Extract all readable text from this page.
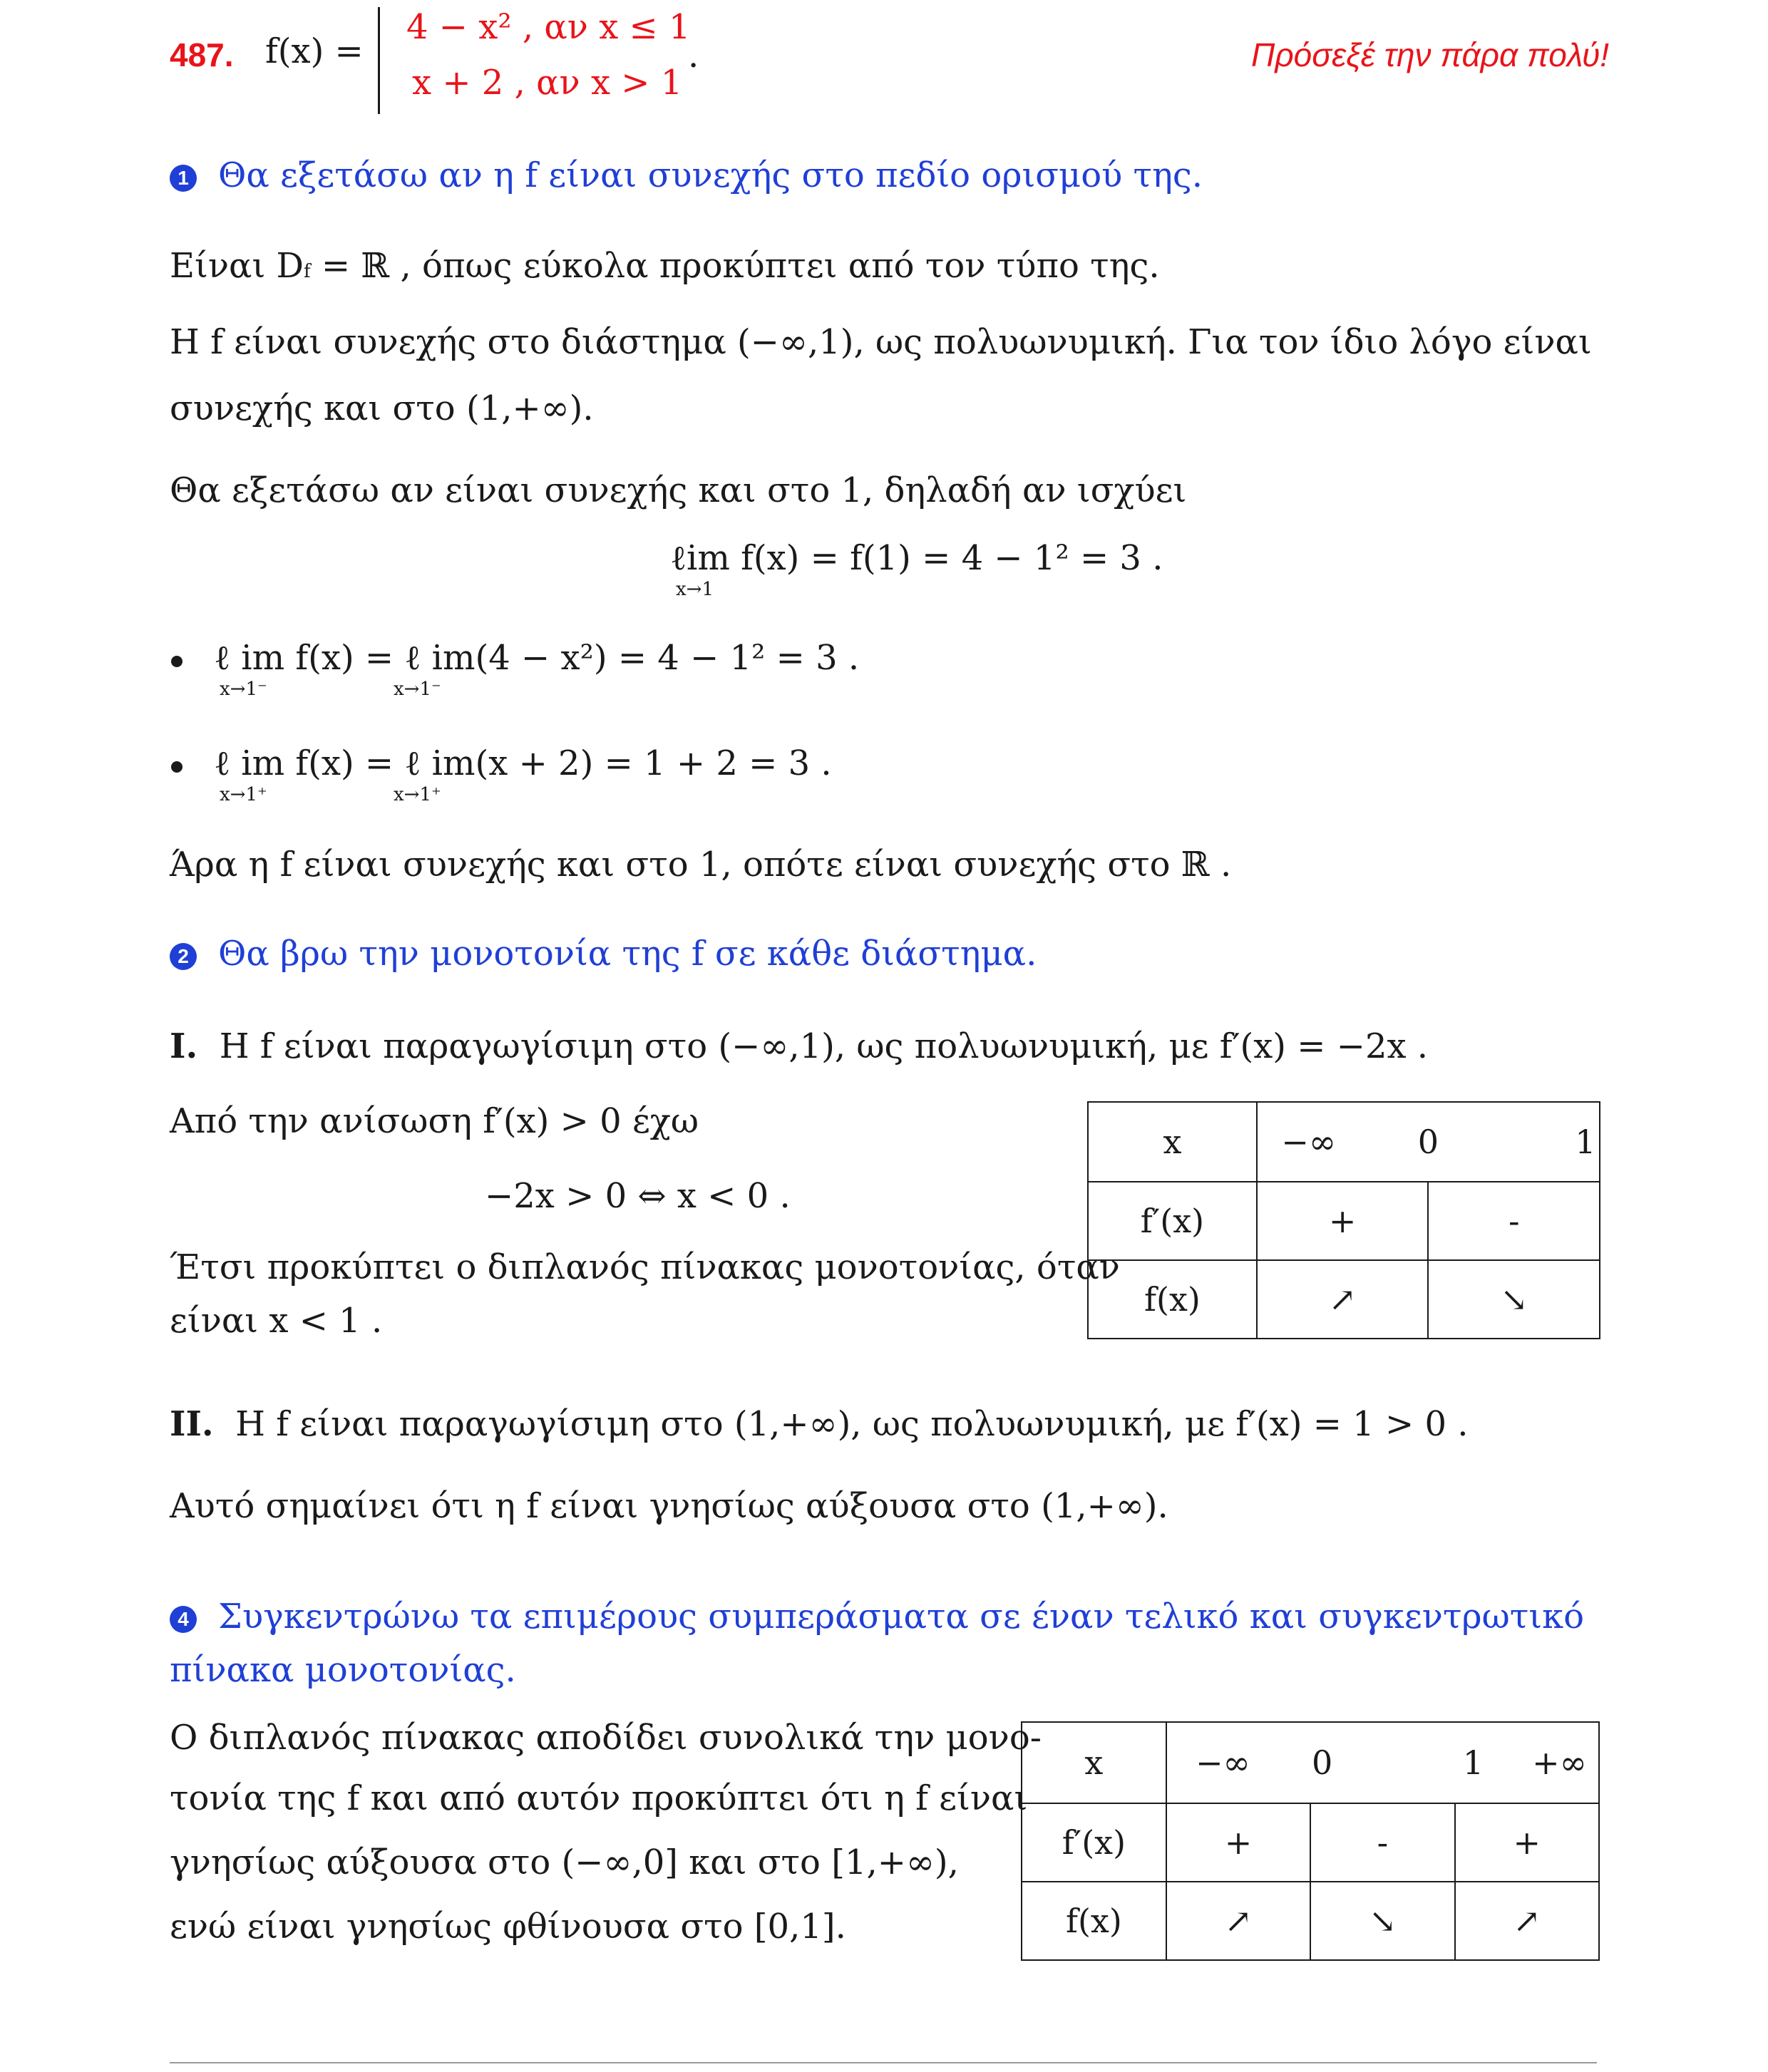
487. f(x) =
4 − x² , αν x ≤ 1
x + 2 , αν x > 1
.	Πρόσεξέ την πάρα πολύ!
1 Θα εξετάσω αν η f είναι συνεχής στο πεδίο ορισμού της.
Είναι Df = ℝ , όπως εύκολα προκύπτει από τον τύπο της.
Η f είναι συνεχής στο διάστημα (−∞,1), ως πολυωνυμική. Για τον ίδιο λόγο είναι
συνεχής και στο (1,+∞).
Θα εξετάσω αν είναι συνεχής και στο 1, δηλαδή αν ισχύει
ℓim f(x) = f(1) = 4 − 1² = 3 .
x→1
ℓ im f(x) = ℓ im(4 − x²) = 4 − 1² = 3 .
x→1⁻	x→1⁻
ℓ im f(x) = ℓ im(x + 2) = 1 + 2 = 3 .
x→1⁺	x→1⁺
Άρα η f είναι συνεχής και στο 1, οπότε είναι συνεχής στο ℝ .
2 Θα βρω την μονοτονία της f σε κάθε διάστημα.
I. Η f είναι παραγωγίσιμη στο (−∞,1), ως πολυωνυμική, με f′(x) = −2x .
Από την ανίσωση f′(x) > 0 έχω
−2x > 0 ⇔ x < 0 .
Έτσι προκύπτει ο διπλανός πίνακας μονοτονίας, όταν
είναι x < 1 .
x	−∞ 0 1	

f′(x)	+	-
f(x)	↗	↘
II. Η f είναι παραγωγίσιμη στο (1,+∞), ως πολυωνυμική, με f′(x) = 1 > 0 .
Αυτό σημαίνει ότι η f είναι γνησίως αύξουσα στο (1,+∞).
4 Συγκεντρώνω τα επιμέρους συμπεράσματα σε έναν τελικό και συγκεντρωτικό
πίνακα μονοτονίας.
Ο διπλανός πίνακας αποδίδει συνολικά την μονο-
τονία της f και από αυτόν προκύπτει ότι η f είναι
γνησίως αύξουσα στο (−∞,0] και στο [1,+∞),
ενώ είναι γνησίως φθίνουσα στο [0,1].
x	−∞ 0 1 +∞		

f′(x)	+	-	+
f(x)	↗	↘	↗
